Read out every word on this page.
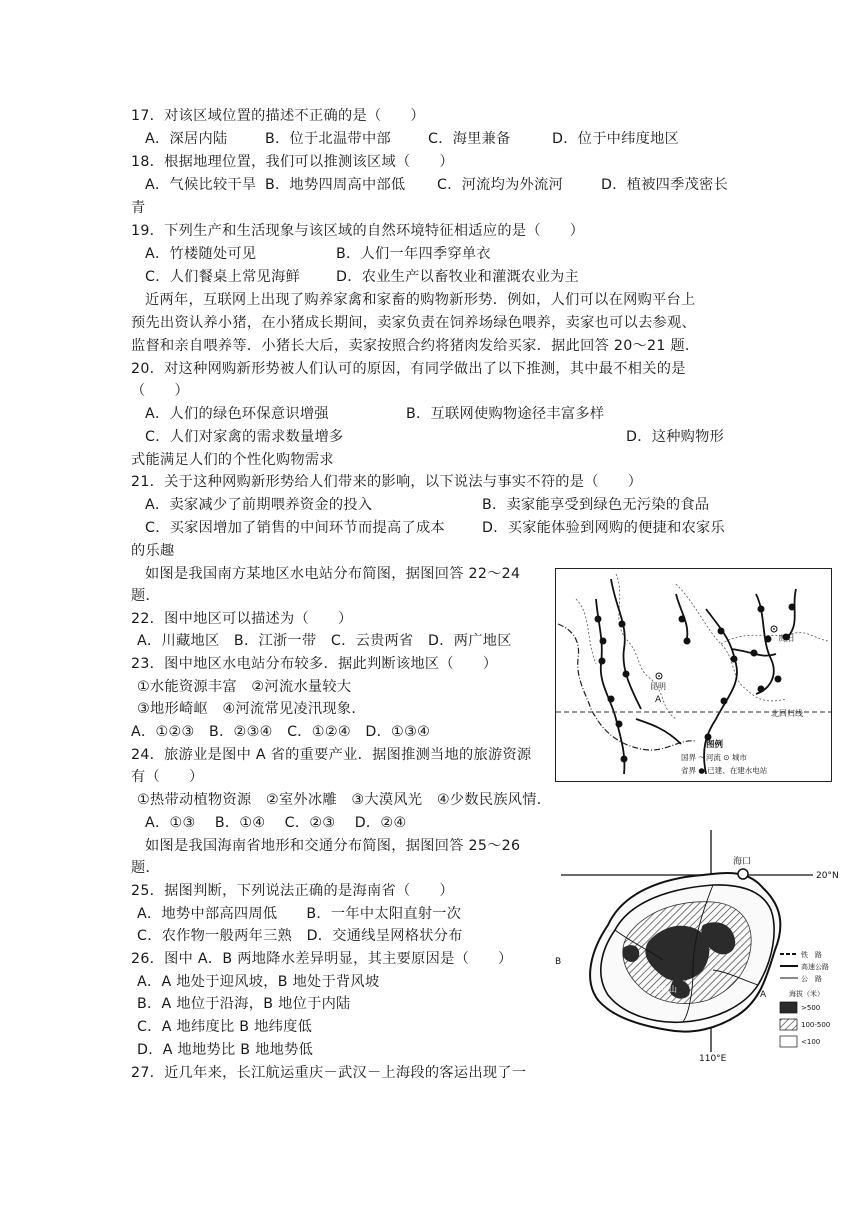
17．对该区域位置的描述不正确的是（　　）
A．深居内陆	B．位于北温带中部	C．海里兼备	D．位于中纬度地区
18．根据地理位置，我们可以推测该区域（　　）
A．气候比较干旱 B．地势四周高中部低 C．河流均为外流河	D．植被四季茂密长
青
19．下列生产和生活现象与该区域的自然环境特征相适应的是（　　）
A．竹楼随处可见	B．人们一年四季穿单衣
C．人们餐桌上常见海鲜	D．农业生产以畜牧业和灌溉农业为主
近两年，互联网上出现了购养家禽和家畜的购物新形势．例如，人们可以在网购平台上
预先出资认养小猪，在小猪成长期间，卖家负责在饲养场绿色喂养，卖家也可以去参观、
监督和亲自喂养等．小猪长大后，卖家按照合约将猪肉发给买家．据此回答 20～21 题．
20．对这种网购新形势被人们认可的原因，有同学做出了以下推测，其中最不相关的是
（　　）
A．人们的绿色环保意识增强	B．互联网使购物途径丰富多样
C．人们对家禽的需求数量增多	D．这种购物形
式能满足人们的个性化购物需求
21．关于这种网购新形势给人们带来的影响，以下说法与事实不符的是（　　）
A．卖家减少了前期喂养资金的投入	B．卖家能享受到绿色无污染的食品
C．买家因增加了销售的中间环节而提高了成本	D．买家能体验到网购的便捷和农家乐
的乐趣
如图是我国南方某地区水电站分布简图，据图回答 22～24
题．
22．图中地区可以描述为（　　）
A．川藏地区　B．江浙一带　C．云贵两省　D．两广地区
23．图中地区水电站分布较多．据此判断该地区（　　）
①水能资源丰富　②河流水量较大
③地形崎岖　④河流常见凌汛现象．
A．①②③　B．②③④　C．①②④　D．①③④
24．旅游业是图中 A 省的重要产业．据图推测当地的旅游资源
有（　　）
①热带动植物资源　②室外冰雕　③大漠风光　④少数民族风情．
A．①③　 B．①④　 C．②③　 D．②④
如图是我国海南省地形和交通分布简图，据图回答 25～26
题．
25．据图判断，下列说法正确的是海南省（　　）
A．地势中部高四周低　　B．一年中太阳直射一次
C．农作物一般两年三熟　D．交通线呈网格状分布
26．图中 A．B 两地降水差异明显，其主要原因是（　　）
A．A 地处于迎风坡，B 地处于背风坡
B．A 地位于沿海，B 地位于内陆
C．A 地纬度比 B 地纬度低
D．A 地地势比 B 地地势低
27．近几年来，长江航运重庆－武汉－上海段的客运出现了一
贵阳
昆明
A
北回归线
图例
国界 ～河流 ⊙ 城市
省界 ● 已建、在建水电站
20°N
110°E
海口
五指山
B
A
铁　路
高速公路
公　路
海拔（米）
>500
100-500
<100
